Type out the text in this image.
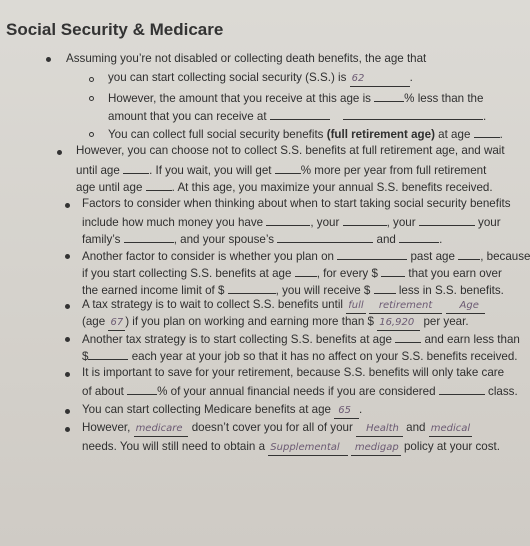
Social Security & Medicare
Assuming you’re not disabled or collecting death benefits, the age that
you can start collecting social security (S.S.) is 62	.
However, the amount that you receive at this age is	% less than the
amount that you can receive at	.
You can collect full social security benefits (full retirement age) at age	.
However, you can choose not to collect S.S. benefits at full retirement age, and wait
until age	. If you wait, you will get	% more per year from full retirement
age until age	. At this age, you maximize your annual S.S. benefits received.
Factors to consider when thinking about when to start taking social security benefits
include how much money you have	, your	, your	your
family’s	, and your spouse’s	and	.
Another factor to consider is whether you plan on	past age , because
if you start collecting S.S. benefits at age , for every $	that you earn over
the earned income limit of $	, you will receive $ less in S.S. benefits.
A tax strategy is to wait to collect S.S. benefits until full retirement	Age
(age 67 ) if you plan on working and earning more than $ 16,920 per year.
Another tax strategy is to start collecting S.S. benefits at age	and earn less than
$	each year at your job so that it has no affect on your S.S. benefits received.
It is important to save for your retirement, because S.S. benefits will only take care
of about	% of your annual financial needs if you are considered	class.
You can start collecting Medicare benefits at age 65 .
However, medicare doesn’t cover you for all of your Health and medical
needs. You will still need to obtain a Supplemental medigap policy at your cost.
